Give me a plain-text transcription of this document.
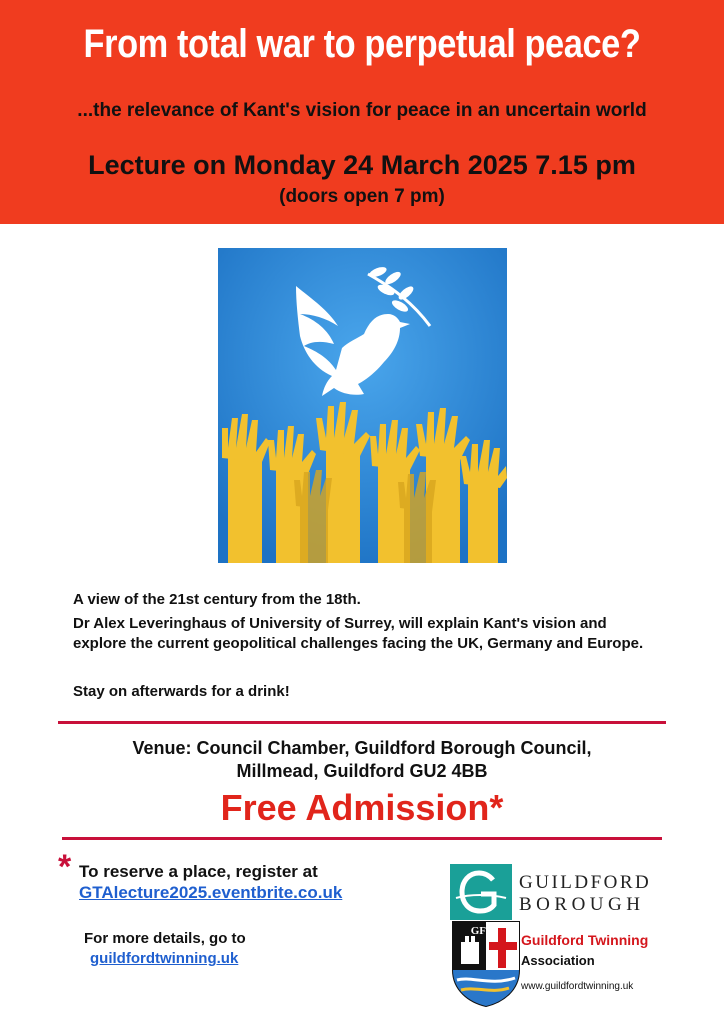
From total war to perpetual peace?
...the relevance of Kant's vision for peace in an uncertain world
Lecture on Monday 24 March 2025 7.15 pm
(doors open 7 pm)
A view of the 21st century from the 18th.
Dr Alex Leveringhaus of University of Surrey, will explain Kant's vision and explore the current geopolitical challenges facing the UK, Germany and Europe.
Stay on afterwards for a drink!
Venue: Council Chamber, Guildford Borough Council,
Millmead, Guildford GU2 4BB
Free Admission*
* To reserve a place, register at
GTAlecture2025.eventbrite.co.uk
For more details, go to
guildfordtwinning.uk
GUILDFORD
BOROUGH
GF
Guildford Twinning
Association
www.guildfordtwinning.uk
